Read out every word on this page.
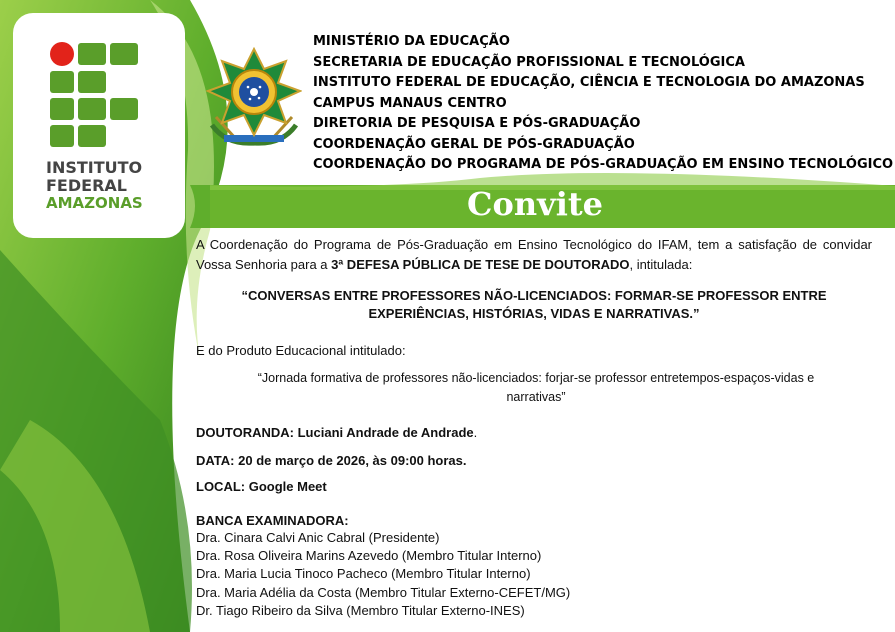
INSTITUTO
FEDERAL
AMAZONAS
MINISTÉRIO DA EDUCAÇÃO
SECRETARIA DE EDUCAÇÃO PROFISSIONAL E TECNOLÓGICA
INSTITUTO FEDERAL DE EDUCAÇÃO, CIÊNCIA E TECNOLOGIA DO AMAZONAS
CAMPUS MANAUS CENTRO
DIRETORIA DE PESQUISA E PÓS-GRADUAÇÃO
COORDENAÇÃO GERAL DE PÓS-GRADUAÇÃO
COORDENAÇÃO DO PROGRAMA DE PÓS-GRADUAÇÃO EM ENSINO TECNOLÓGICO
Convite
A Coordenação do Programa de Pós-Graduação em Ensino Tecnológico do IFAM, tem a satisfação de convidar Vossa Senhoria para a 3ª DEFESA PÚBLICA DE TESE DE DOUTORADO, intitulada:
“CONVERSAS ENTRE PROFESSORES NÃO-LICENCIADOS: FORMAR-SE PROFESSOR ENTRE EXPERIÊNCIAS, HISTÓRIAS, VIDAS E NARRATIVAS.”
E do Produto Educacional intitulado:
“Jornada formativa de professores não-licenciados: forjar-se professor entretempos-espaços-vidas e narrativas”
DOUTORANDA: Luciani Andrade de Andrade.
DATA: 20 de março de 2026, às 09:00 horas.
LOCAL: Google Meet
BANCA EXAMINADORA:
Dra. Cinara Calvi Anic Cabral (Presidente)
Dra. Rosa Oliveira Marins Azevedo (Membro Titular Interno)
Dra. Maria Lucia Tinoco Pacheco (Membro Titular Interno)
Dra. Maria Adélia da Costa (Membro Titular Externo-CEFET/MG)
Dr. Tiago Ribeiro da Silva (Membro Titular Externo-INES)
